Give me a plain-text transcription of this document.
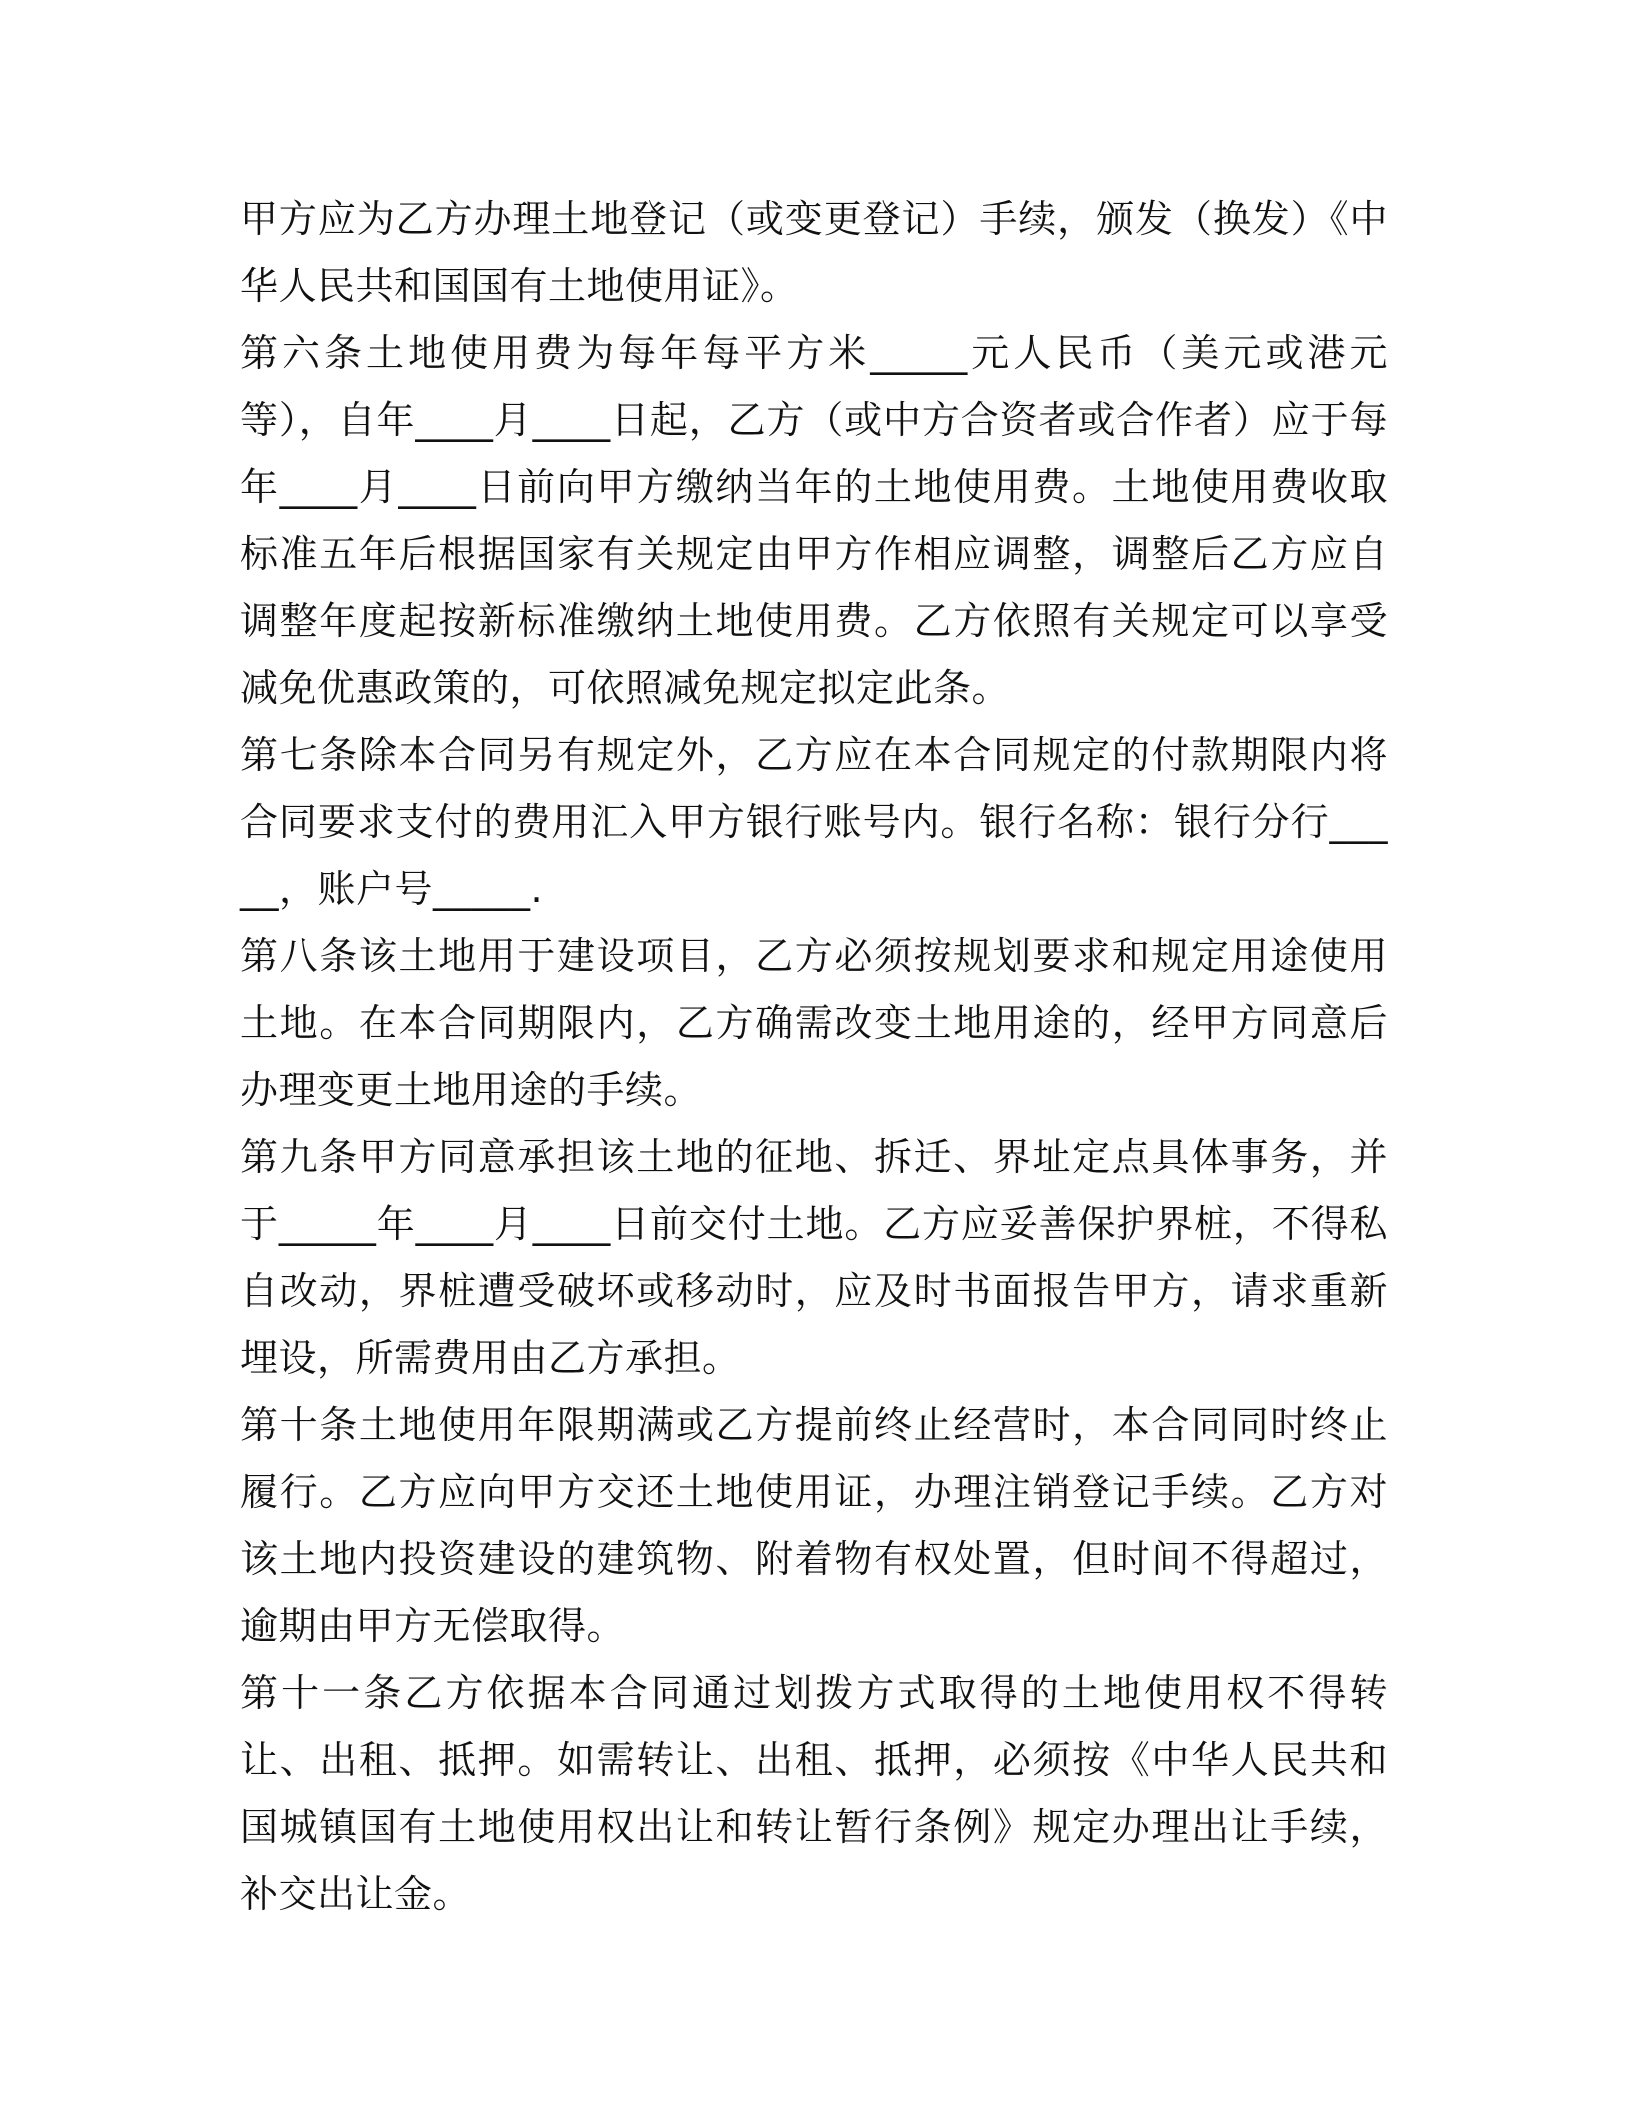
甲方应为乙方办理土地登记（或变更登记）手续，颁发（换发）《中华人民共和国国有土地使用证》。

第六条土地使用费为每年每平方米_____元人民币（美元或港元等），自年____月____日起，乙方（或中方合资者或合作者）应于每年____月____日前向甲方缴纳当年的土地使用费。土地使用费收取标准五年后根据国家有关规定由甲方作相应调整，调整后乙方应自调整年度起按新标准缴纳土地使用费。乙方依照有关规定可以享受减免优惠政策的，可依照减免规定拟定此条。

第七条除本合同另有规定外，乙方应在本合同规定的付款期限内将合同要求支付的费用汇入甲方银行账号内。银行名称：银行分行_____，账户号_____.

第八条该土地用于建设项目，乙方必须按规划要求和规定用途使用土地。在本合同期限内，乙方确需改变土地用途的，经甲方同意后办理变更土地用途的手续。

第九条甲方同意承担该土地的征地、拆迁、界址定点具体事务，并于_____年____月____日前交付土地。乙方应妥善保护界桩，不得私自改动，界桩遭受破坏或移动时，应及时书面报告甲方，请求重新埋设，所需费用由乙方承担。

第十条土地使用年限期满或乙方提前终止经营时，本合同同时终止履行。乙方应向甲方交还土地使用证，办理注销登记手续。乙方对该土地内投资建设的建筑物、附着物有权处置，但时间不得超过，逾期由甲方无偿取得。

第十一条乙方依据本合同通过划拨方式取得的土地使用权不得转让、出租、抵押。如需转让、出租、抵押，必须按《中华人民共和国城镇国有土地使用权出让和转让暂行条例》规定办理出让手续，补交出让金。
